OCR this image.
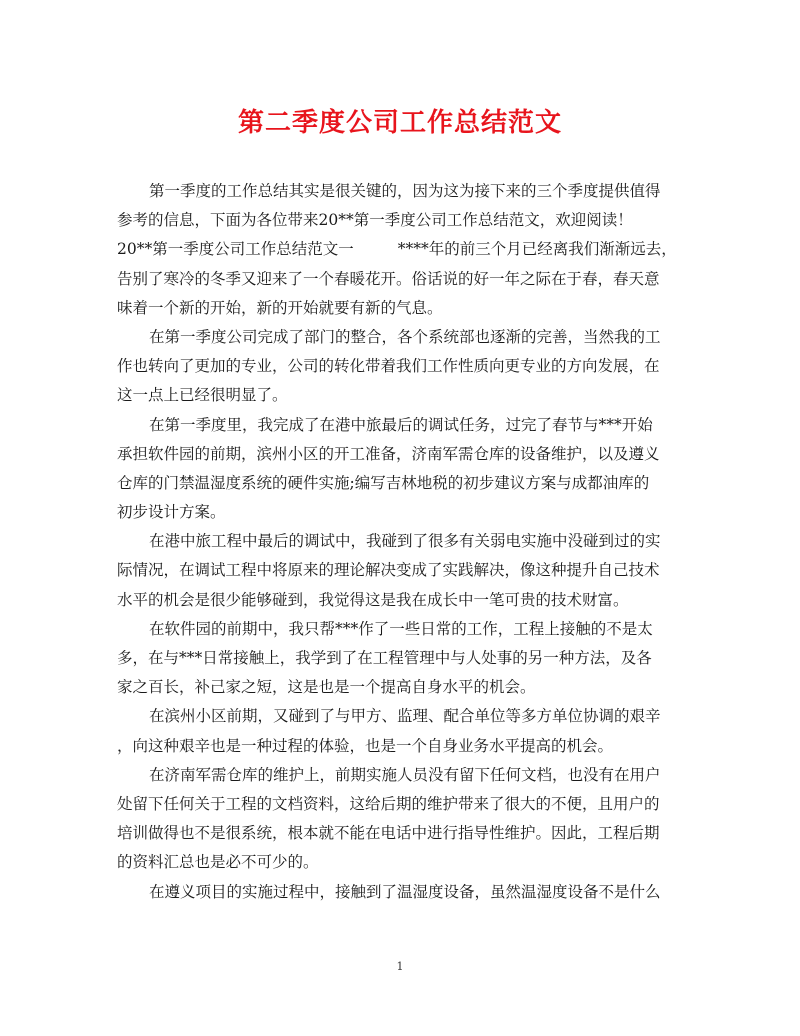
第二季度公司工作总结范文
第一季度的工作总结其实是很关键的，因为这为接下来的三个季度提供值得
参考的信息，下面为各位带来20**第一季度公司工作总结范文，欢迎阅读！
20**第一季度公司工作总结范文一	****年的前三个月已经离我们渐渐远去，
告别了寒冷的冬季又迎来了一个春暖花开。俗话说的好一年之际在于春，春天意
味着一个新的开始，新的开始就要有新的气息。
在第一季度公司完成了部门的整合，各个系统部也逐渐的完善，当然我的工
作也转向了更加的专业，公司的转化带着我们工作性质向更专业的方向发展，在
这一点上已经很明显了。
在第一季度里，我完成了在港中旅最后的调试任务，过完了春节与***开始
承担软件园的前期，滨州小区的开工准备，济南军需仓库的设备维护，以及遵义
仓库的门禁温湿度系统的硬件实施;编写吉林地税的初步建议方案与成都油库的
初步设计方案。
在港中旅工程中最后的调试中，我碰到了很多有关弱电实施中没碰到过的实
际情况，在调试工程中将原来的理论解决变成了实践解决，像这种提升自己技术
水平的机会是很少能够碰到，我觉得这是我在成长中一笔可贵的技术财富。
在软件园的前期中，我只帮***作了一些日常的工作，工程上接触的不是太
多，在与***日常接触上，我学到了在工程管理中与人处事的另一种方法，及各
家之百长，补己家之短，这是也是一个提高自身水平的机会。
在滨州小区前期，又碰到了与甲方、监理、配合单位等多方单位协调的艰辛
，向这种艰辛也是一种过程的体验，也是一个自身业务水平提高的机会。
在济南军需仓库的维护上，前期实施人员没有留下任何文档，也没有在用户
处留下任何关于工程的文档资料，这给后期的维护带来了很大的不便，且用户的
培训做得也不是很系统，根本就不能在电话中进行指导性维护。因此，工程后期
的资料汇总也是必不可少的。
在遵义项目的实施过程中，接触到了温湿度设备，虽然温湿度设备不是什么
1
